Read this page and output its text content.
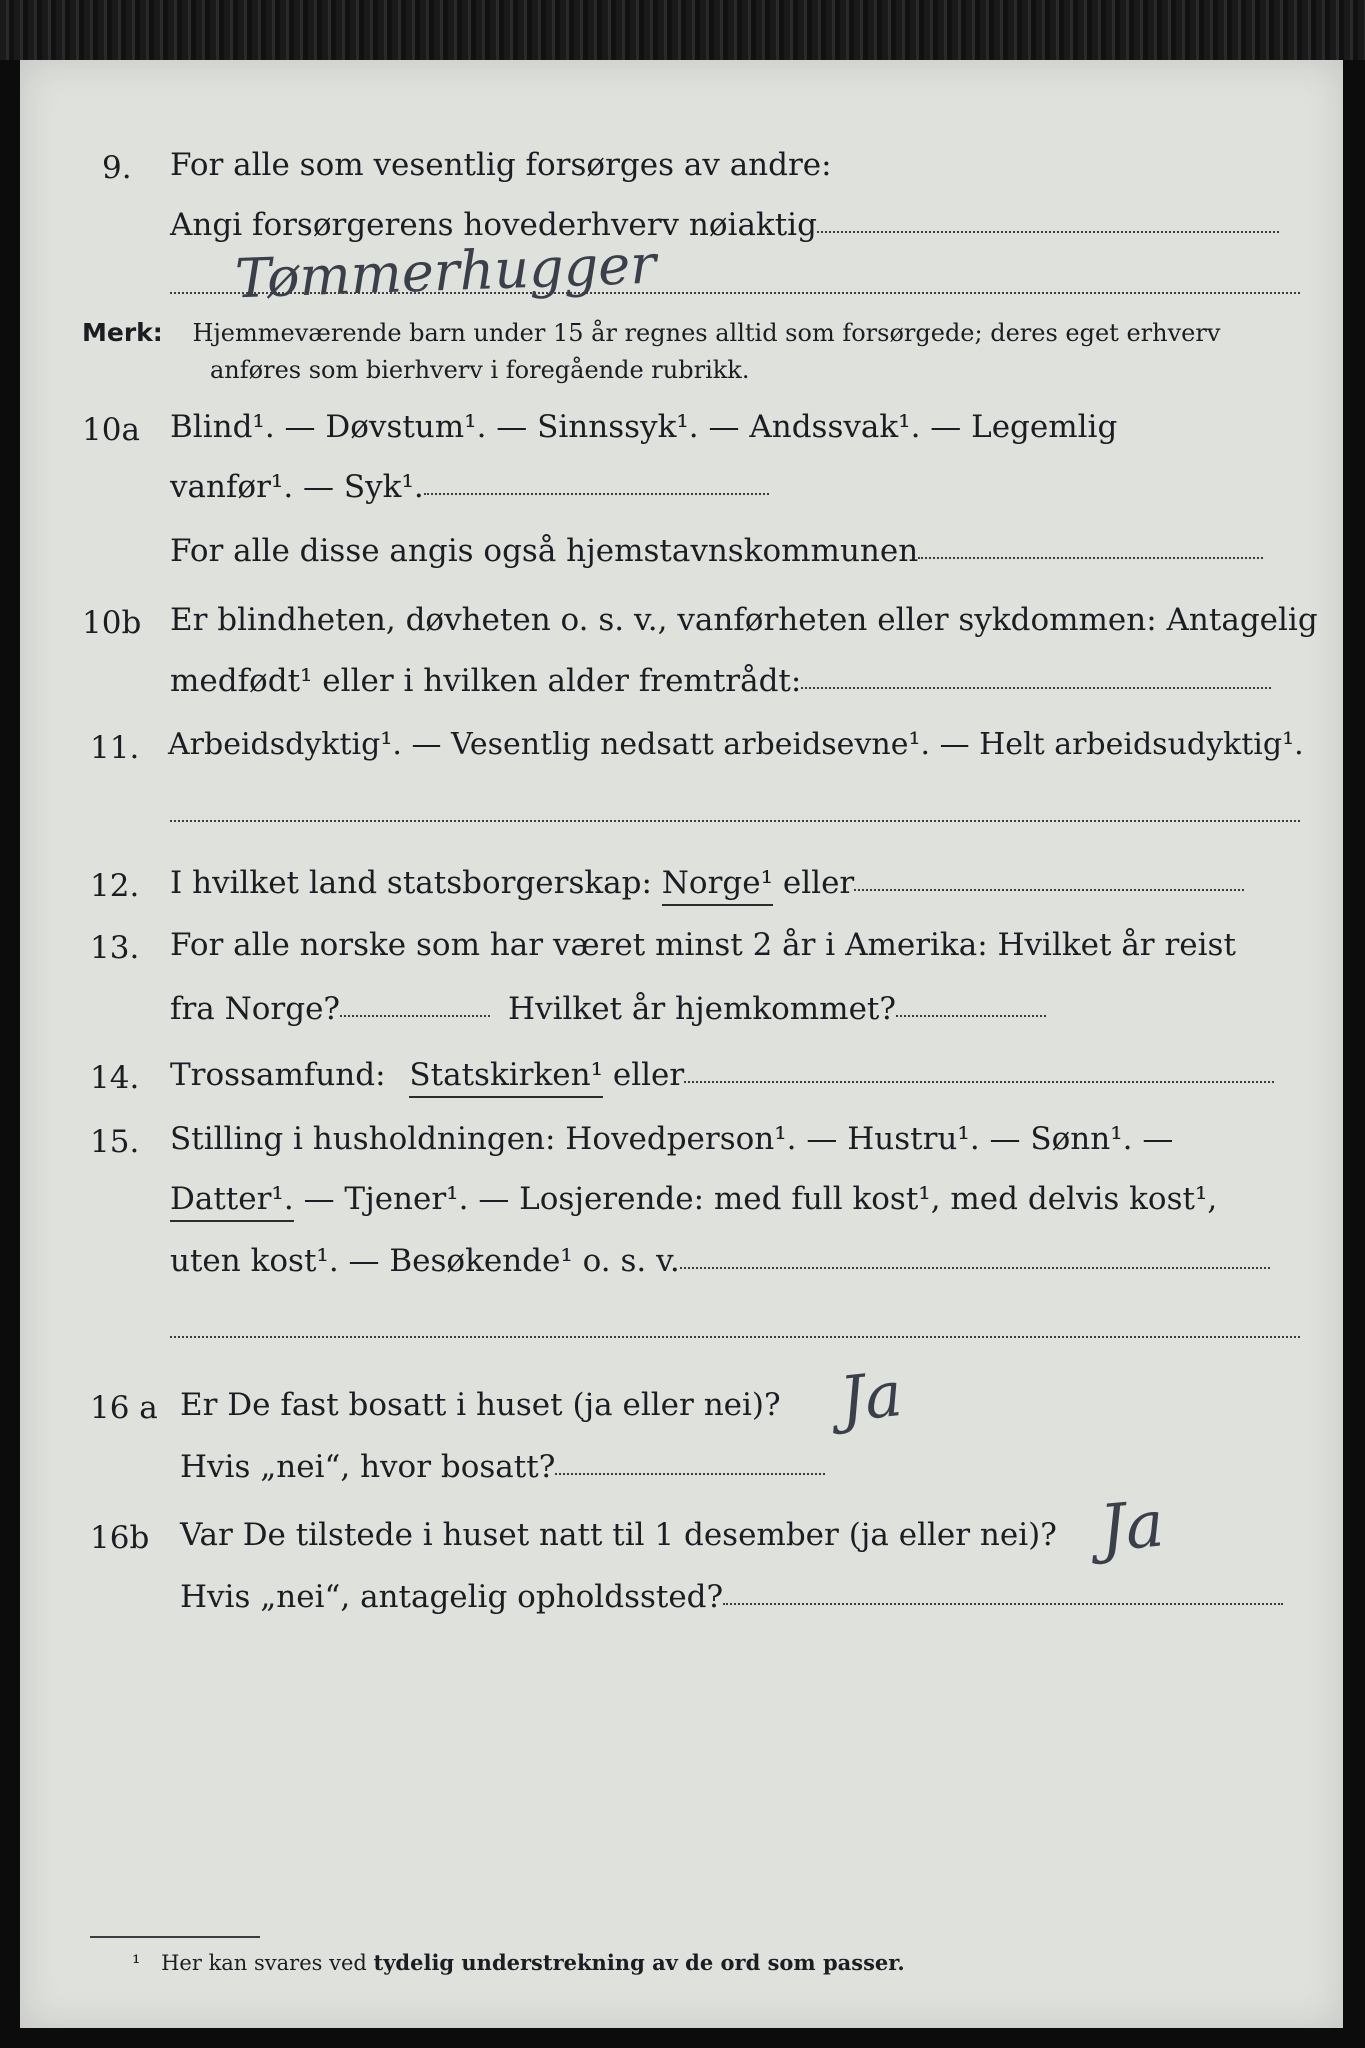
9. For alle som vesentlig forsørges av andre:
Angi forsørgerens hovederhverv nøiaktig
Tømmerhugger
Merk: Hjemmeværende barn under 15 år regnes alltid som forsørgede; deres eget erhverv
anføres som bierhverv i foregående rubrikk.
10a Blind¹. — Døvstum¹. — Sinnssyk¹. — Andssvak¹. — Legemlig
vanfør¹. — Syk¹.
For alle disse angis også hjemstavnskommunen
10b Er blindheten, døvheten o. s. v., vanførheten eller sykdommen: Antagelig
medfødt¹ eller i hvilken alder fremtrådt:
11. Arbeidsdyktig¹. — Vesentlig nedsatt arbeidsevne¹. — Helt arbeidsudyktig¹.
12. I hvilket land statsborgerskap: Norge¹ eller
13. For alle norske som har været minst 2 år i Amerika: Hvilket år reist
fra Norge?	Hvilket år hjemkommet?
14. Trossamfund: Statskirken¹ eller
15. Stilling i husholdningen: Hovedperson¹. — Hustru¹. — Sønn¹. —
Datter¹. — Tjener¹. — Losjerende: med full kost¹, med delvis kost¹,
uten kost¹. — Besøkende¹ o. s. v.
16 a Er De fast bosatt i huset (ja eller nei)? Ja
Hvis „nei“, hvor bosatt?
16b Var De tilstede i huset natt til 1 desember (ja eller nei)? Ja
Hvis „nei“, antagelig opholdssted?
¹ Her kan svares ved tydelig understrekning av de ord som passer.
